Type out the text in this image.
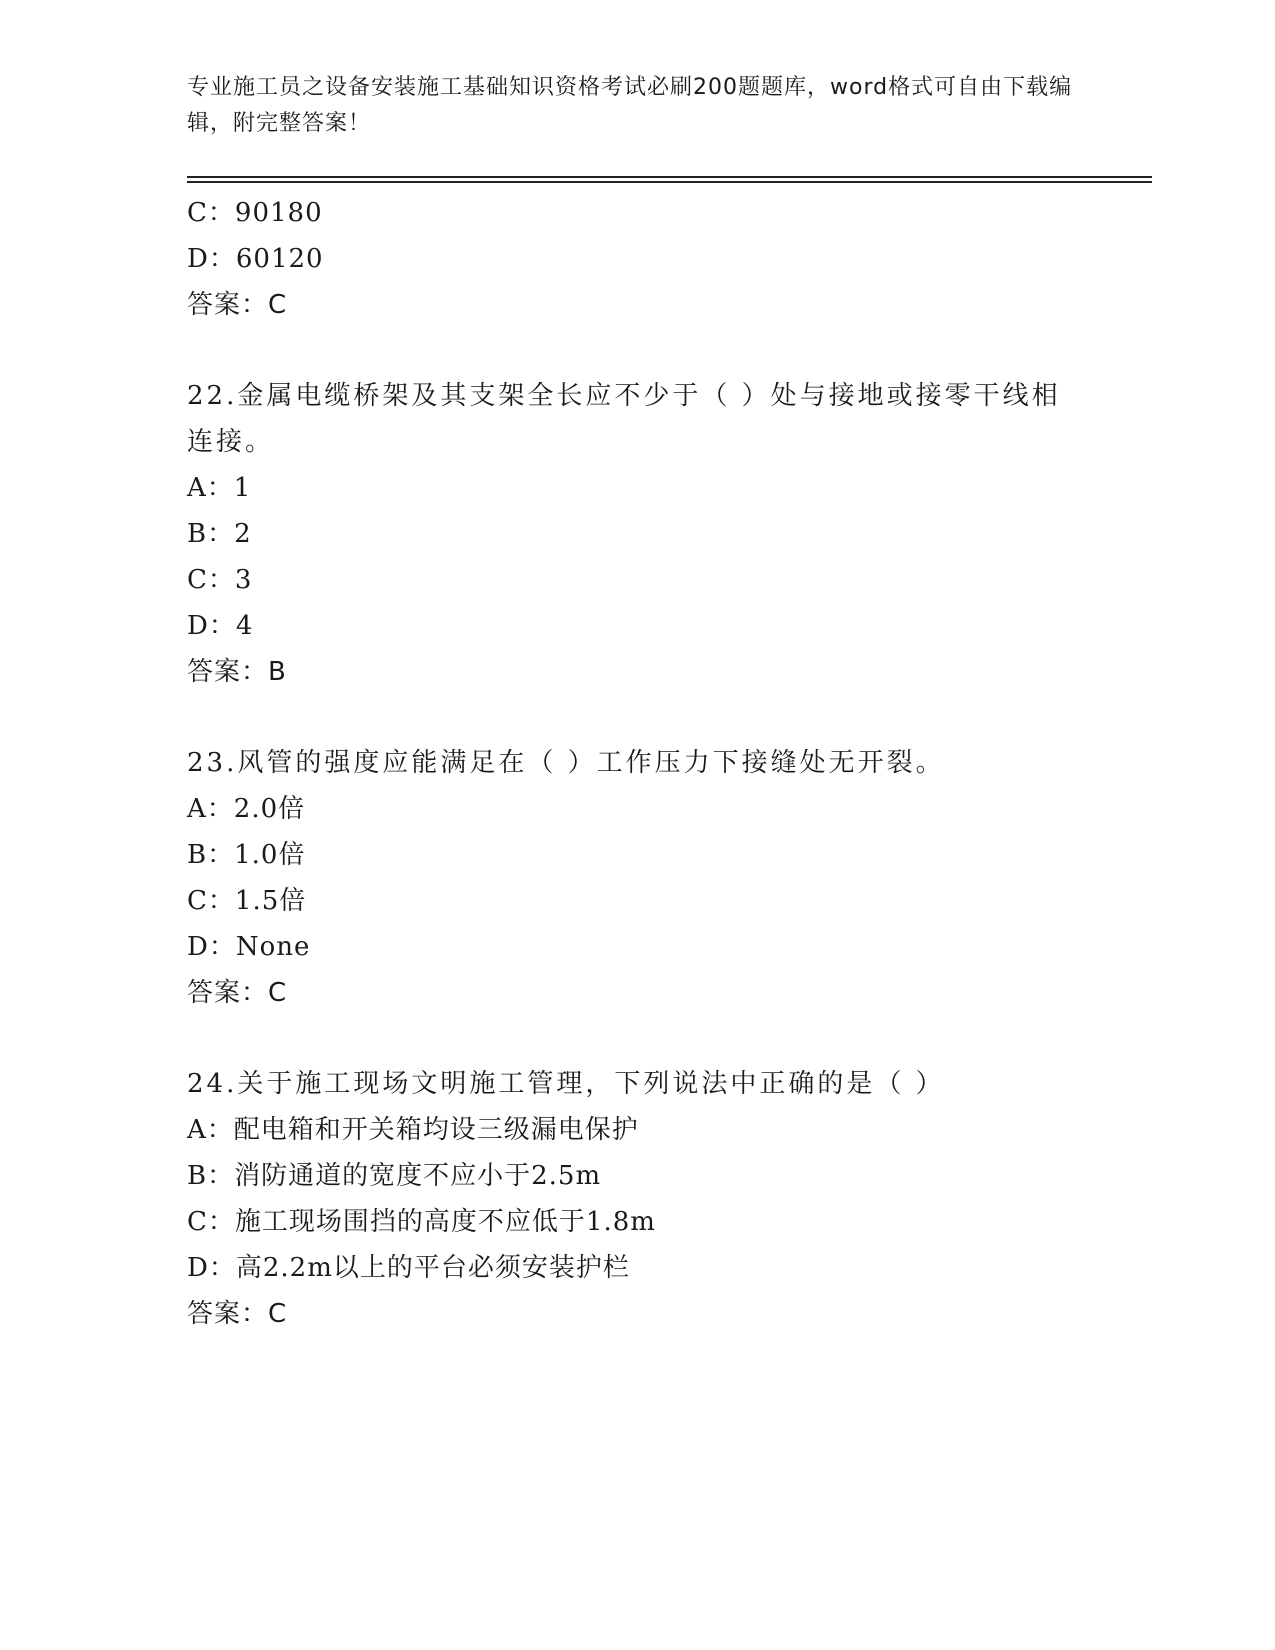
专业施工员之设备安装施工基础知识资格考试必刷200题题库，word格式可自由下载编辑，附完整答案！
C：90180
D：60120
答案：C
22.金属电缆桥架及其支架全长应不少于（ ）处与接地或接零干线相连接。
A：1
B：2
C：3
D：4
答案：B
23.风管的强度应能满足在（ ）工作压力下接缝处无开裂。
A：2.0倍
B：1.0倍
C：1.5倍
D：None
答案：C
24.关于施工现场文明施工管理，下列说法中正确的是（ ）
A：配电箱和开关箱均设三级漏电保护
B：消防通道的宽度不应小于2.5m
C：施工现场围挡的高度不应低于1.8m
D：高2.2m以上的平台必须安装护栏
答案：C
